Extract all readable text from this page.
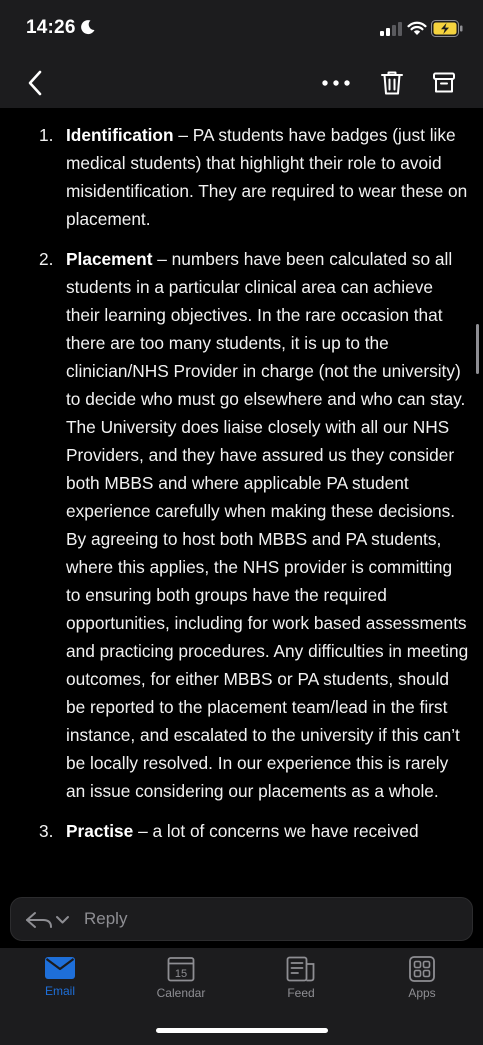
14:26
1. Identification – PA students have badges (just like medical students) that highlight their role to avoid misidentification. They are required to wear these on placement.
2. Placement – numbers have been calculated so all students in a particular clinical area can achieve their learning objectives. In the rare occasion that there are too many students, it is up to the clinician/NHS Provider in charge (not the university) to decide who must go elsewhere and who can stay. The University does liaise closely with all our NHS Providers, and they have assured us they consider both MBBS and where applicable PA student experience carefully when making these decisions. By agreeing to host both MBBS and PA students, where this applies, the NHS provider is committing to ensuring both groups have the required opportunities, including for work based assessments and practicing procedures. Any difficulties in meeting outcomes, for either MBBS or PA students, should be reported to the placement team/lead in the first instance, and escalated to the university if this can’t be locally resolved. In our experience this is rarely an issue considering our placements as a whole.
3. Practise – a lot of concerns we have received
Reply
Email
15
Calendar	Feed	Apps
